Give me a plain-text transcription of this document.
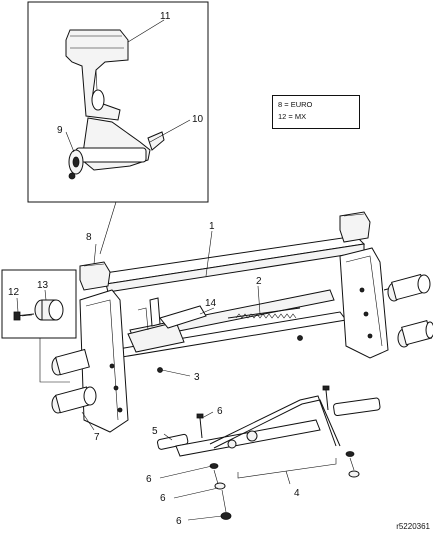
11
10
9
12
13
1
2
3
4
5
6
6
6
6
7
8
14
8 = EURO
12 = MX
r5220361
